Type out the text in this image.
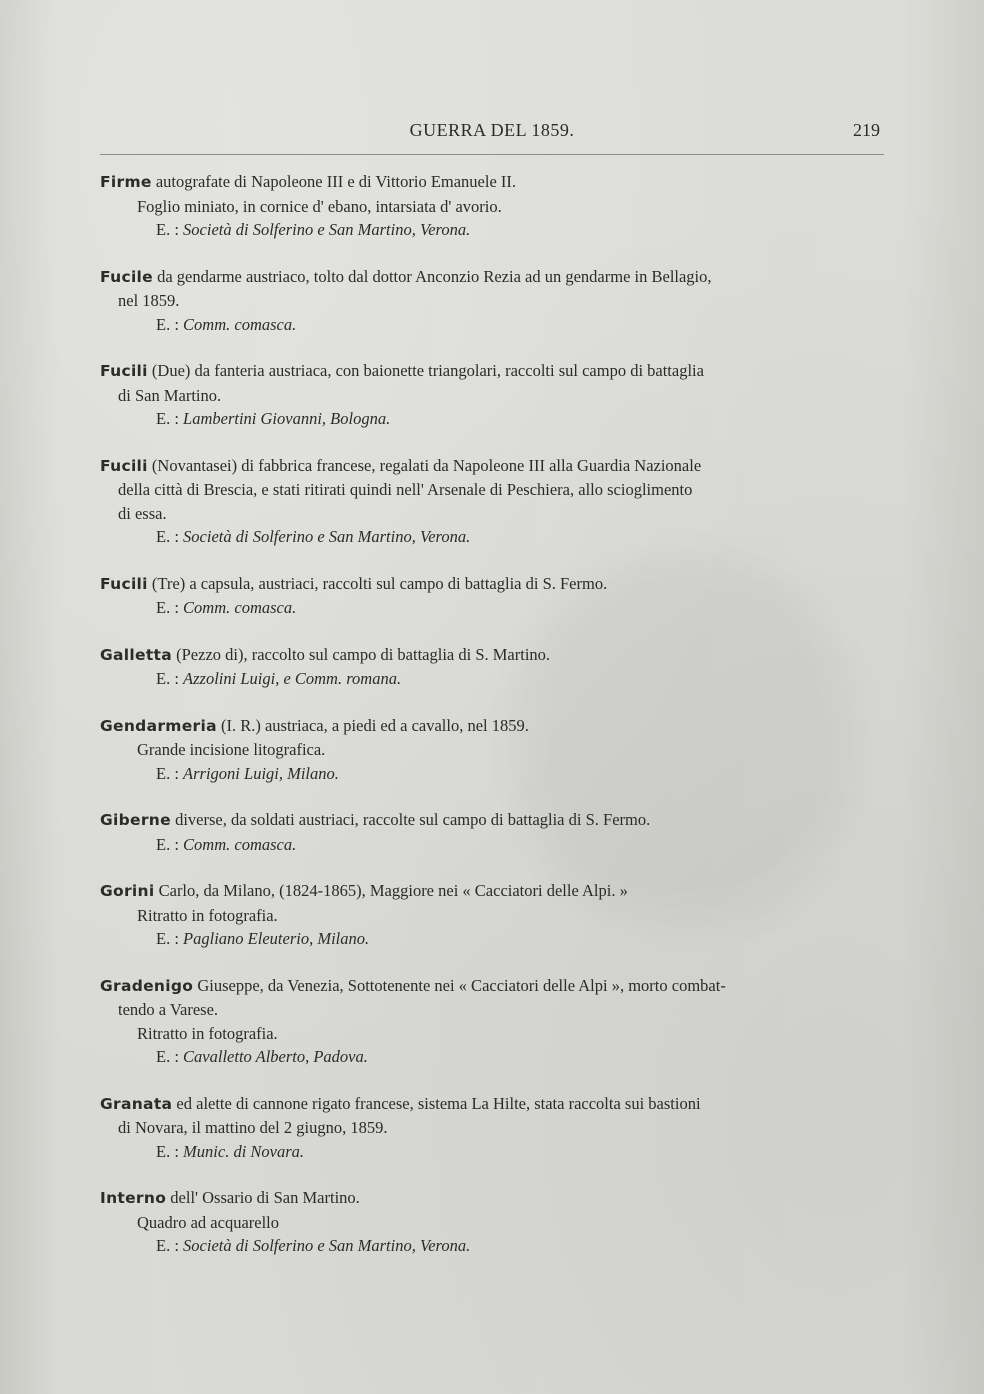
GUERRA DEL 1859.	219
Firme autografate di Napoleone III e di Vittorio Emanuele II.
Foglio miniato, in cornice d' ebano, intarsiata d' avorio.
E. : Società di Solferino e San Martino, Verona.
Fucile da gendarme austriaco, tolto dal dottor Anconzio Rezia ad un gendarme in Bellagio,
nel 1859.
E. : Comm. comasca.
Fucili (Due) da fanteria austriaca, con baionette triangolari, raccolti sul campo di battaglia
di San Martino.
E. : Lambertini Giovanni, Bologna.
Fucili (Novantasei) di fabbrica francese, regalati da Napoleone III alla Guardia Nazionale
della città di Brescia, e stati ritirati quindi nell' Arsenale di Peschiera, allo scioglimento
di essa.
E. : Società di Solferino e San Martino, Verona.
Fucili (Tre) a capsula, austriaci, raccolti sul campo di battaglia di S. Fermo.
E. : Comm. comasca.
Galletta (Pezzo di), raccolto sul campo di battaglia di S. Martino.
E. : Azzolini Luigi, e Comm. romana.
Gendarmeria (I. R.) austriaca, a piedi ed a cavallo, nel 1859.
Grande incisione litografica.
E. : Arrigoni Luigi, Milano.
Giberne diverse, da soldati austriaci, raccolte sul campo di battaglia di S. Fermo.
E. : Comm. comasca.
Gorini Carlo, da Milano, (1824-1865), Maggiore nei « Cacciatori delle Alpi. »
Ritratto in fotografia.
E. : Pagliano Eleuterio, Milano.
Gradenigo Giuseppe, da Venezia, Sottotenente nei « Cacciatori delle Alpi », morto combat-
tendo a Varese.
Ritratto in fotografia.
E. : Cavalletto Alberto, Padova.
Granata ed alette di cannone rigato francese, sistema La Hilte, stata raccolta sui bastioni
di Novara, il mattino del 2 giugno, 1859.
E. : Munic. di Novara.
Interno dell' Ossario di San Martino.
Quadro ad acquarello
E. : Società di Solferino e San Martino, Verona.
